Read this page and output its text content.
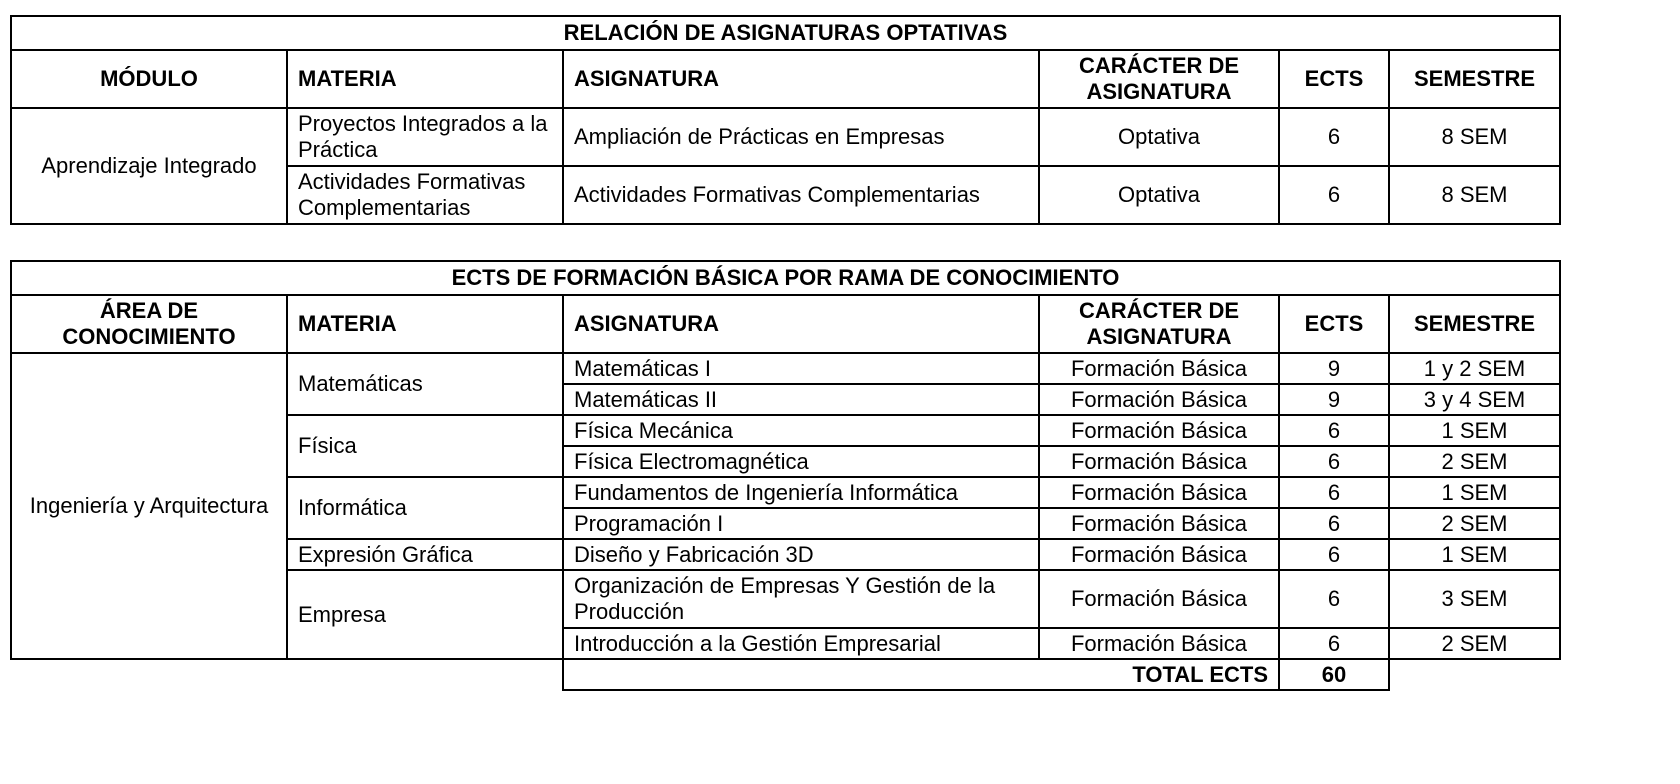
RELACIÓN DE ASIGNATURAS OPTATIVAS					
MÓDULO	MATERIA	ASIGNATURA	CARÁCTER DE ASIGNATURA	ECTS	SEMESTRE
Aprendizaje Integrado	Proyectos Integrados a la Práctica	Ampliación de Prácticas en Empresas	Optativa	6	8 SEM
	Actividades Formativas Complementarias	Actividades Formativas Complementarias	Optativa	6	8 SEM
ECTS DE FORMACIÓN BÁSICA POR RAMA DE CONOCIMIENTO					
ÁREA DE CONOCIMIENTO	MATERIA	ASIGNATURA	CARÁCTER DE ASIGNATURA	ECTS	SEMESTRE
Ingeniería y Arquitectura	Matemáticas	Matemáticas I	Formación Básica	9	1 y 2 SEM
		Matemáticas II	Formación Básica	9	3 y 4 SEM
	Física	Física Mecánica	Formación Básica	6	1 SEM
		Física Electromagnética	Formación Básica	6	2 SEM
	Informática	Fundamentos de Ingeniería Informática	Formación Básica	6	1 SEM
		Programación I	Formación Básica	6	2 SEM
	Expresión Gráfica	Diseño y Fabricación 3D	Formación Básica	6	1 SEM
	Empresa	Organización de Empresas Y Gestión de la Producción	Formación Básica	6	3 SEM
		Introducción a la Gestión Empresarial	Formación Básica	6	2 SEM
		TOTAL ECTS		60	
